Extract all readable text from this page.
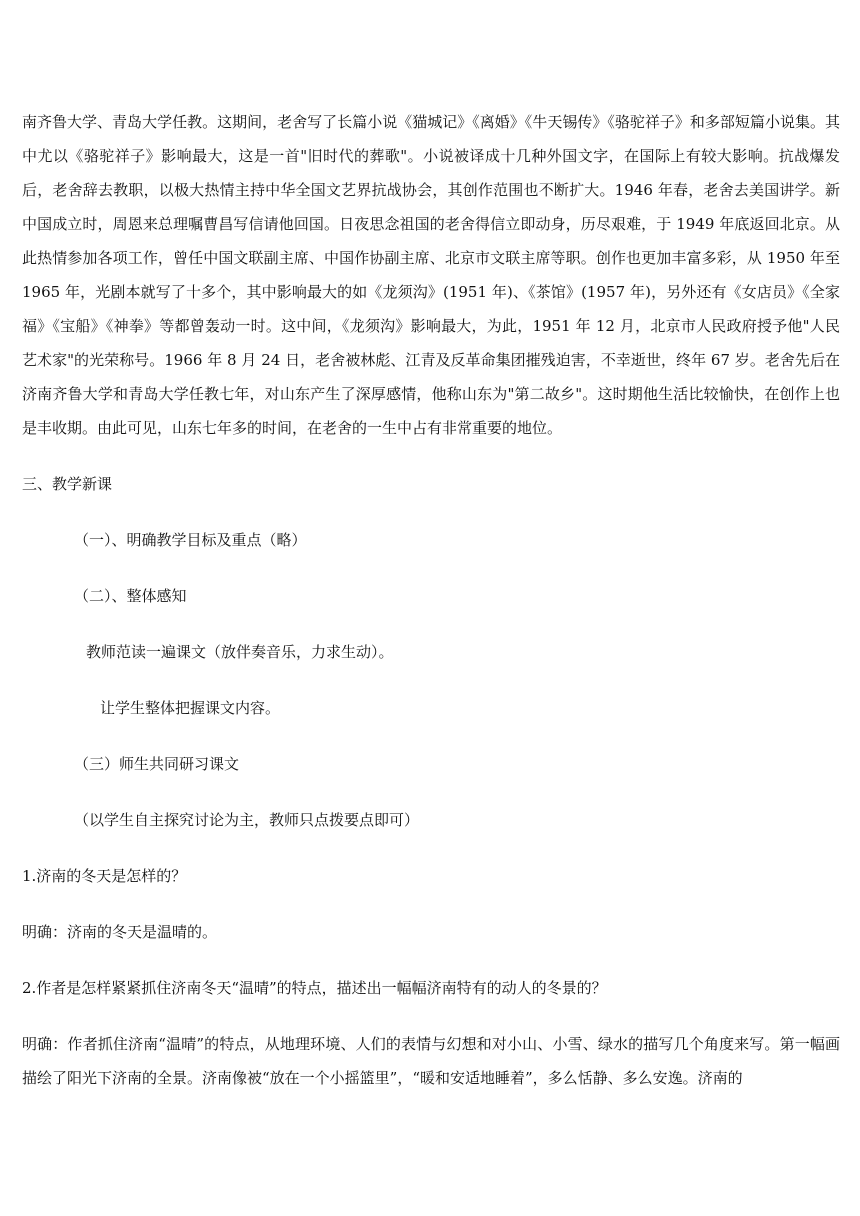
南齐鲁大学、青岛大学任教。这期间，老舍写了长篇小说《猫城记》《离婚》《牛天锡传》《骆驼祥子》和多部短篇小说集。其中尤以《骆驼祥子》影响最大，这是一首"旧时代的葬歌"。小说被译成十几种外国文字，在国际上有较大影响。抗战爆发后，老舍辞去教职，以极大热情主持中华全国文艺界抗战协会，其创作范围也不断扩大。1946 年春，老舍去美国讲学。新中国成立时，周恩来总理嘱曹昌写信请他回国。日夜思念祖国的老舍得信立即动身，历尽艰难，于 1949 年底返回北京。从此热情参加各项工作，曾任中国文联副主席、中国作协副主席、北京市文联主席等职。创作也更加丰富多彩，从 1950 年至 1965 年，光剧本就写了十多个，其中影响最大的如《龙须沟》(1951 年)、《茶馆》(1957 年)，另外还有《女店员》《全家福》《宝船》《神拳》等都曾轰动一时。这中间，《龙须沟》影响最大，为此，1951 年 12 月，北京市人民政府授予他"人民艺术家"的光荣称号。1966 年 8 月 24 日，老舍被林彪、江青及反革命集团摧残迫害，不幸逝世，终年 67 岁。老舍先后在济南齐鲁大学和青岛大学任教七年，对山东产生了深厚感情，他称山东为"第二故乡"。这时期他生活比较愉快，在创作上也是丰收期。由此可见，山东七年多的时间，在老舍的一生中占有非常重要的地位。

三、教学新课

（一）、明确教学目标及重点（略）

（二）、整体感知

教师范读一遍课文（放伴奏音乐，力求生动）。

让学生整体把握课文内容。

（三）师生共同研习课文

（以学生自主探究讨论为主，教师只点拨要点即可）

1.济南的冬天是怎样的？

明确：济南的冬天是温晴的。

2.作者是怎样紧紧抓住济南冬天“温晴”的特点，描述出一幅幅济南特有的动人的冬景的？

明确：作者抓住济南“温晴”的特点，从地理环境、人们的表情与幻想和对小山、小雪、绿水的描写几个角度来写。第一幅画描绘了阳光下济南的全景。济南像被“放在一个小摇篮里”，“暖和安适地睡着”，多么恬静、多么安逸。济南的
